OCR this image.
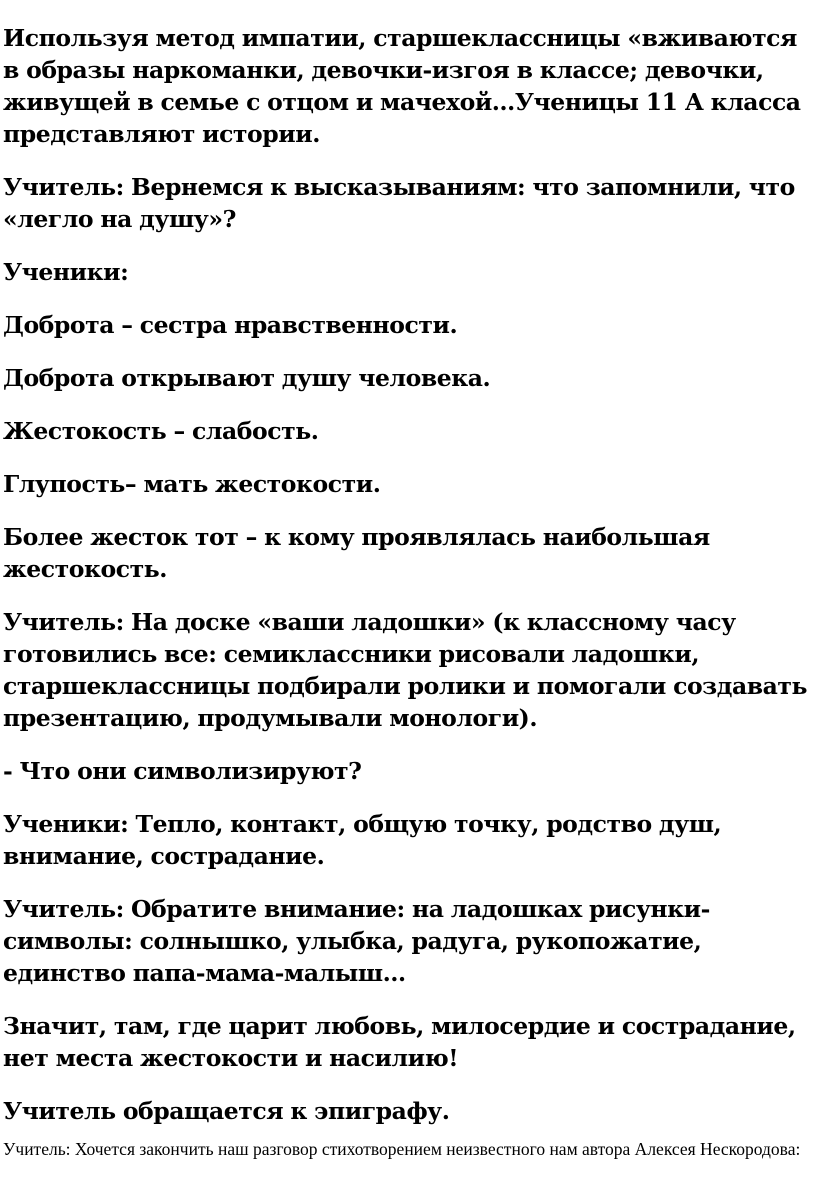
Используя метод импатии, старшеклассницы «вживаются в образы наркоманки, девочки-изгоя в классе; девочки, живущей в семье с отцом и мачехой…Ученицы 11 А класса представляют истории.

Учитель: Вернемся к высказываниям: что запомнили, что «легло на душу»?

Ученики:

Доброта – сестра нравственности.

Доброта открывают душу человека.

Жестокость – слабость.

Глупость– мать жестокости.

Более жесток тот – к кому проявлялась наибольшая жестокость.

Учитель: На доске «ваши ладошки» (к классному часу готовились все: семиклассники рисовали ладошки, старшеклассницы подбирали ролики и помогали создавать презентацию, продумывали монологи).

- Что они символизируют?

Ученики: Тепло, контакт, общую точку, родство душ, внимание, сострадание.

Учитель: Обратите внимание: на ладошках рисунки-символы: солнышко, улыбка, радуга, рукопожатие, единство папа-мама-малыш…

Значит, там, где царит любовь, милосердие и сострадание, нет места жестокости и насилию!

Учитель обращается к эпиграфу.

Учитель: Хочется закончить наш разговор стихотворением неизвестного нам автора Алексея Нескородова:
